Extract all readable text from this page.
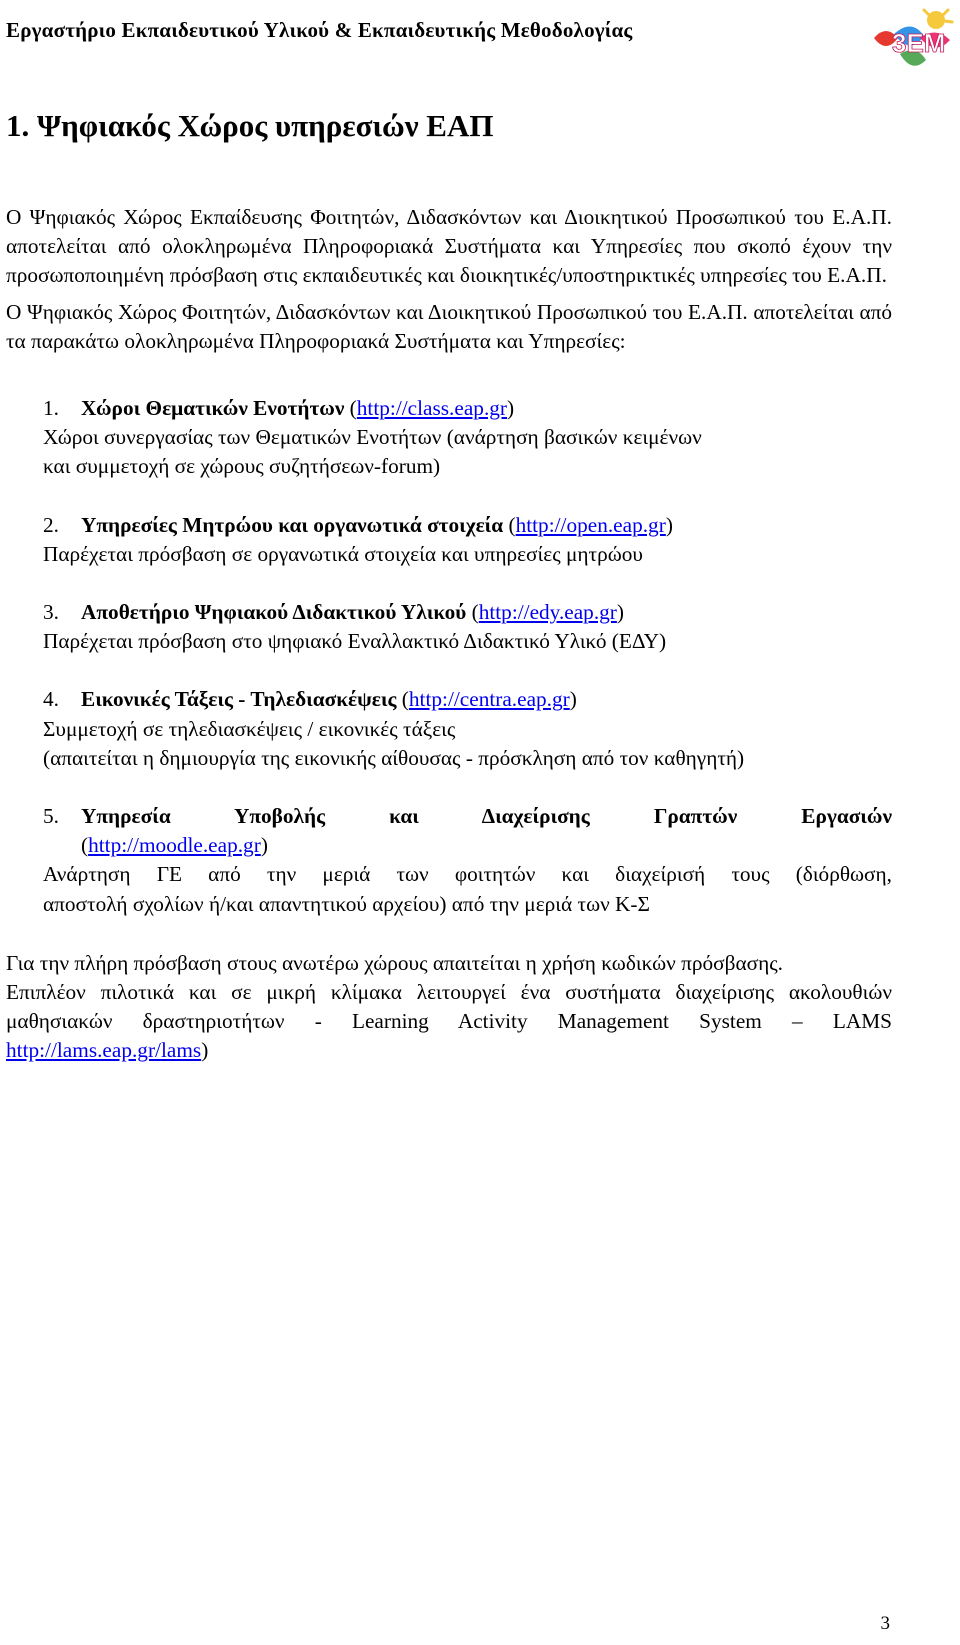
Εργαστήριο Εκπαιδευτικού Υλικού & Εκπαιδευτικής Μεθοδολογίας	3ΕΜ
1. Ψηφιακός Χώρος υπηρεσιών ΕΑΠ

Ο Ψηφιακός Χώρος Εκπαίδευσης Φοιτητών, Διδασκόντων και Διοικητικού Προσωπικού του Ε.Α.Π. αποτελείται από ολοκληρωμένα Πληροφοριακά Συστήματα και Υπηρεσίες που σκοπό έχουν την προσωποποιημένη πρόσβαση στις εκπαιδευτικές και διοικητικές/υποστηρικτικές υπηρεσίες του Ε.Α.Π.

Ο Ψηφιακός Χώρος Φοιτητών, Διδασκόντων και Διοικητικού Προσωπικού του Ε.Α.Π. αποτελείται από τα παρακάτω ολοκληρωμένα Πληροφοριακά Συστήματα και Υπηρεσίες:

1.	Χώροι Θεματικών Ενοτήτων (http://class.eap.gr)
Χώροι συνεργασίας των Θεματικών Ενοτήτων (ανάρτηση βασικών κειμένων
και συμμετοχή σε χώρους συζητήσεων-forum)
2.	Υπηρεσίες Μητρώου και οργανωτικά στοιχεία (http://open.eap.gr)
Παρέχεται πρόσβαση σε οργανωτικά στοιχεία και υπηρεσίες μητρώου
3.	Αποθετήριο Ψηφιακού Διδακτικού Υλικού (http://edy.eap.gr)
Παρέχεται πρόσβαση στο ψηφιακό Εναλλακτικό Διδακτικό Υλικό (ΕΔΥ)
4.	Εικονικές Τάξεις - Τηλεδιασκέψεις (http://centra.eap.gr)
Συμμετοχή σε τηλεδιασκέψεις / εικονικές τάξεις
(απαιτείται η δημιουργία της εικονικής αίθουσας - πρόσκληση από τον καθηγητή)
5.	Υπηρεσία Υποβολής και Διαχείρισης Γραπτών Εργασιών
(http://moodle.eap.gr)
Ανάρτηση ΓΕ από την μεριά των φοιτητών και διαχείρισή τους (διόρθωση,
αποστολή σχολίων ή/και απαντητικού αρχείου) από την μεριά των Κ-Σ

Για την πλήρη πρόσβαση στους ανωτέρω χώρους απαιτείται η χρήση κωδικών πρόσβασης.

Επιπλέον πιλοτικά και σε μικρή κλίμακα λειτουργεί ένα συστήματα διαχείρισης ακολουθιών μαθησιακών δραστηριοτήτων - Learning Activity Management System – LAMS http://lams.eap.gr/lams)

3
